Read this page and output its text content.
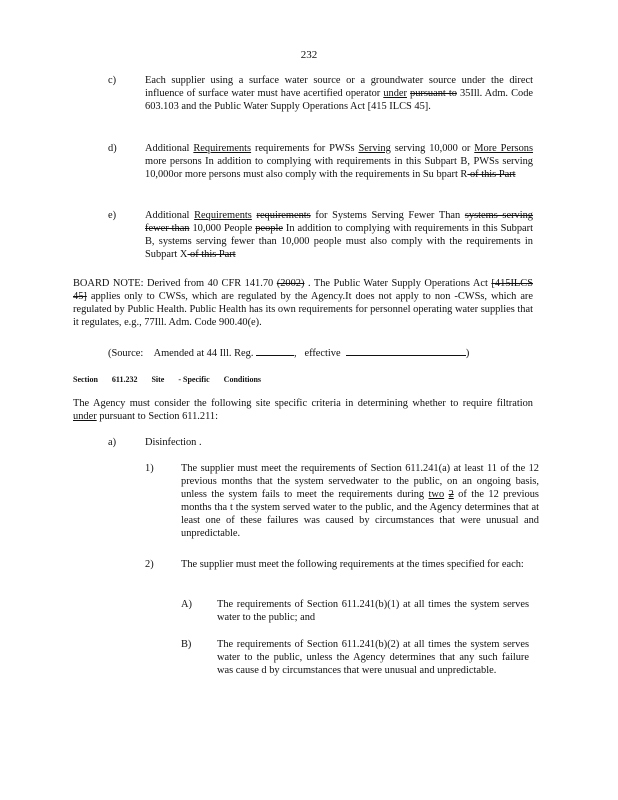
232
c)	Each supplier using a surface water source or a groundwater source under the direct influence of surface water must have acertified operator under pursuant to 35Ill. Adm. Code 603.103 and the Public Water Supply Operations Act [415 ILCS 45].
d)	Additional Requirements requirements for PWSs Serving serving 10,000 or More Persons more persons In addition to complying with requirements in this Subpart B, PWSs serving 10,000or more persons must also comply with the requirements in Su bpart R of this Part
e)	Additional Requirements requirements for Systems Serving Fewer Than systems serving fewer than 10,000 People people In addition to complying with requirements in this Subpart B, systems serving fewer than 10,000 people must also comply with the requirements in Subpart X of this Part
BOARD NOTE: Derived from 40 CFR 141.70 (2002) . The Public Water Supply Operations Act [415ILCS 45] applies only to CWSs, which are regulated by the Agency.It does not apply to non -CWSs, which are regulated by Public Health. Public Health has its own requirements for personnel operating water supplies that it regulates, e.g., 77Ill. Adm. Code 900.40(e).
(Source: Amended at 44 Ill. Reg.	, effective	)
Section 611.232 Site - Specific Conditions
The Agency must consider the following site specific criteria in determining whether to require filtration under pursuant to Section 611.211:
a)	Disinfection .
1)	The supplier must meet the requirements of Section 611.241(a) at least 11 of the 12 previous months that the system servedwater to the public, on an ongoing basis, unless the system fails to meet the requirements during two 2 of the 12 previous months tha t the system served water to the public, and the Agency determines that at least one of these failures was caused by circumstances that were unusual and unpredictable.
2)	The supplier must meet the following requirements at the times specified for each:
A) The requirements of Section 611.241(b)(1) at all times the system serves water to the public; and
B) The requirements of Section 611.241(b)(2) at all times the system serves water to the public, unless the Agency determines that any such failure was cause d by circumstances that were unusual and unpredictable.
